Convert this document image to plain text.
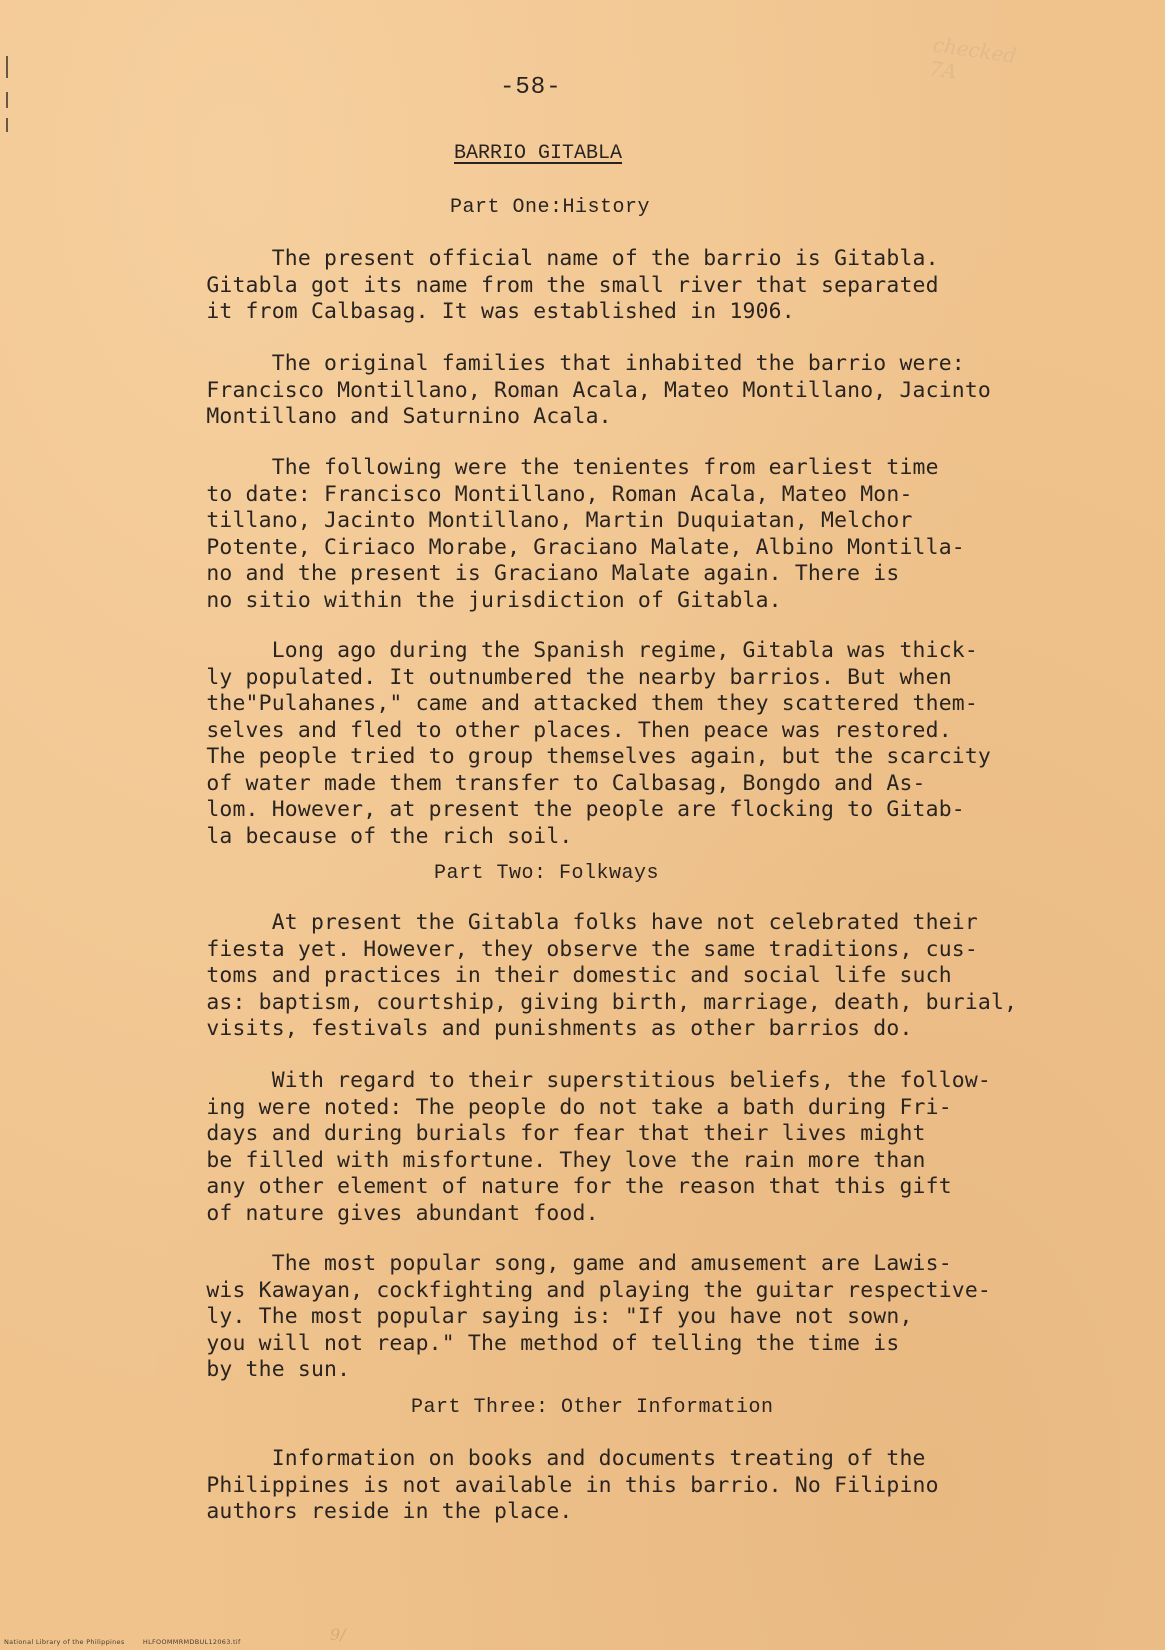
checked
7A
-58-
BARRIO GITABLA
Part One:History
The present official name of the barrio is Gitabla.
Gitabla got its name from the small river that separated
it from Calbasag. It was established in 1906.
The original families that inhabited the barrio were:
Francisco Montillano, Roman Acala, Mateo Montillano, Jacinto
Montillano and Saturnino Acala.
The following were the tenientes from earliest time
to date: Francisco Montillano, Roman Acala, Mateo Mon-
tillano, Jacinto Montillano, Martin Duquiatan, Melchor
Potente, Ciriaco Morabe, Graciano Malate, Albino Montilla-
no and the present is Graciano Malate again. There is
no sitio within the jurisdiction of Gitabla.
Long ago during the Spanish regime, Gitabla was thick-
ly populated. It outnumbered the nearby barrios. But when
the"Pulahanes," came and attacked them they scattered them-
selves and fled to other places. Then peace was restored.
The people tried to group themselves again, but the scarcity
of water made them transfer to Calbasag, Bongdo and As-
lom. However, at present the people are flocking to Gitab-
la because of the rich soil.
Part Two: Folkways
At present the Gitabla folks have not celebrated their
fiesta yet. However, they observe the same traditions, cus-
toms and practices in their domestic and social life such
as: baptism, courtship, giving birth, marriage, death, burial,
visits, festivals and punishments as other barrios do.
With regard to their superstitious beliefs, the follow-
ing were noted: The people do not take a bath during Fri-
days and during burials for fear that their lives might
be filled with misfortune. They love the rain more than
any other element of nature for the reason that this gift
of nature gives abundant food.
The most popular song, game and amusement are Lawis-
wis Kawayan, cockfighting and playing the guitar respective-
ly. The most popular saying is: "If you have not sown,
you will not reap." The method of telling the time is
by the sun.
Part Three: Other Information
Information on books and documents treating of the
Philippines is not available in this barrio. No Filipino
authors reside in the place.
9/
National Library of the Philippines	HLFOOMMRMDBUL12063.tif
